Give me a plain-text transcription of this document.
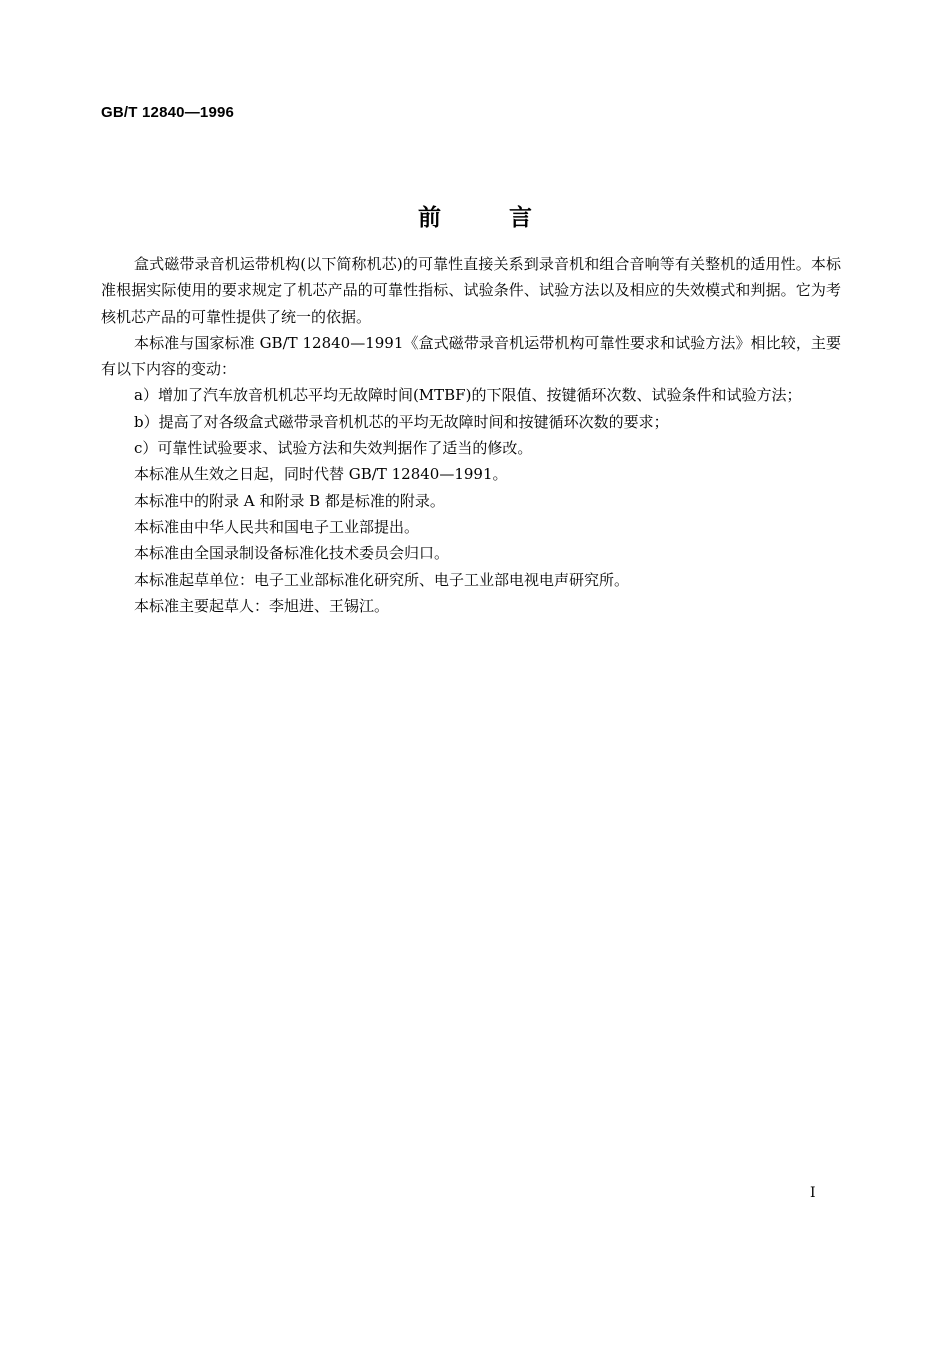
GB/T 12840—1996
前言

盒式磁带录音机运带机构(以下简称机芯)的可靠性直接关系到录音机和组合音响等有关整机的适用性。本标准根据实际使用的要求规定了机芯产品的可靠性指标、试验条件、试验方法以及相应的失效模式和判据。它为考核机芯产品的可靠性提供了统一的依据。

本标准与国家标准 GB/T 12840—1991《盒式磁带录音机运带机构可靠性要求和试验方法》相比较，主要有以下内容的变动：

a）增加了汽车放音机机芯平均无故障时间(MTBF)的下限值、按键循环次数、试验条件和试验方法；

b）提高了对各级盒式磁带录音机机芯的平均无故障时间和按键循环次数的要求；

c）可靠性试验要求、试验方法和失效判据作了适当的修改。

本标准从生效之日起，同时代替 GB/T 12840—1991。

本标准中的附录 A 和附录 B 都是标准的附录。

本标准由中华人民共和国电子工业部提出。

本标准由全国录制设备标准化技术委员会归口。

本标准起草单位：电子工业部标准化研究所、电子工业部电视电声研究所。

本标准主要起草人：李旭进、王锡江。

I
